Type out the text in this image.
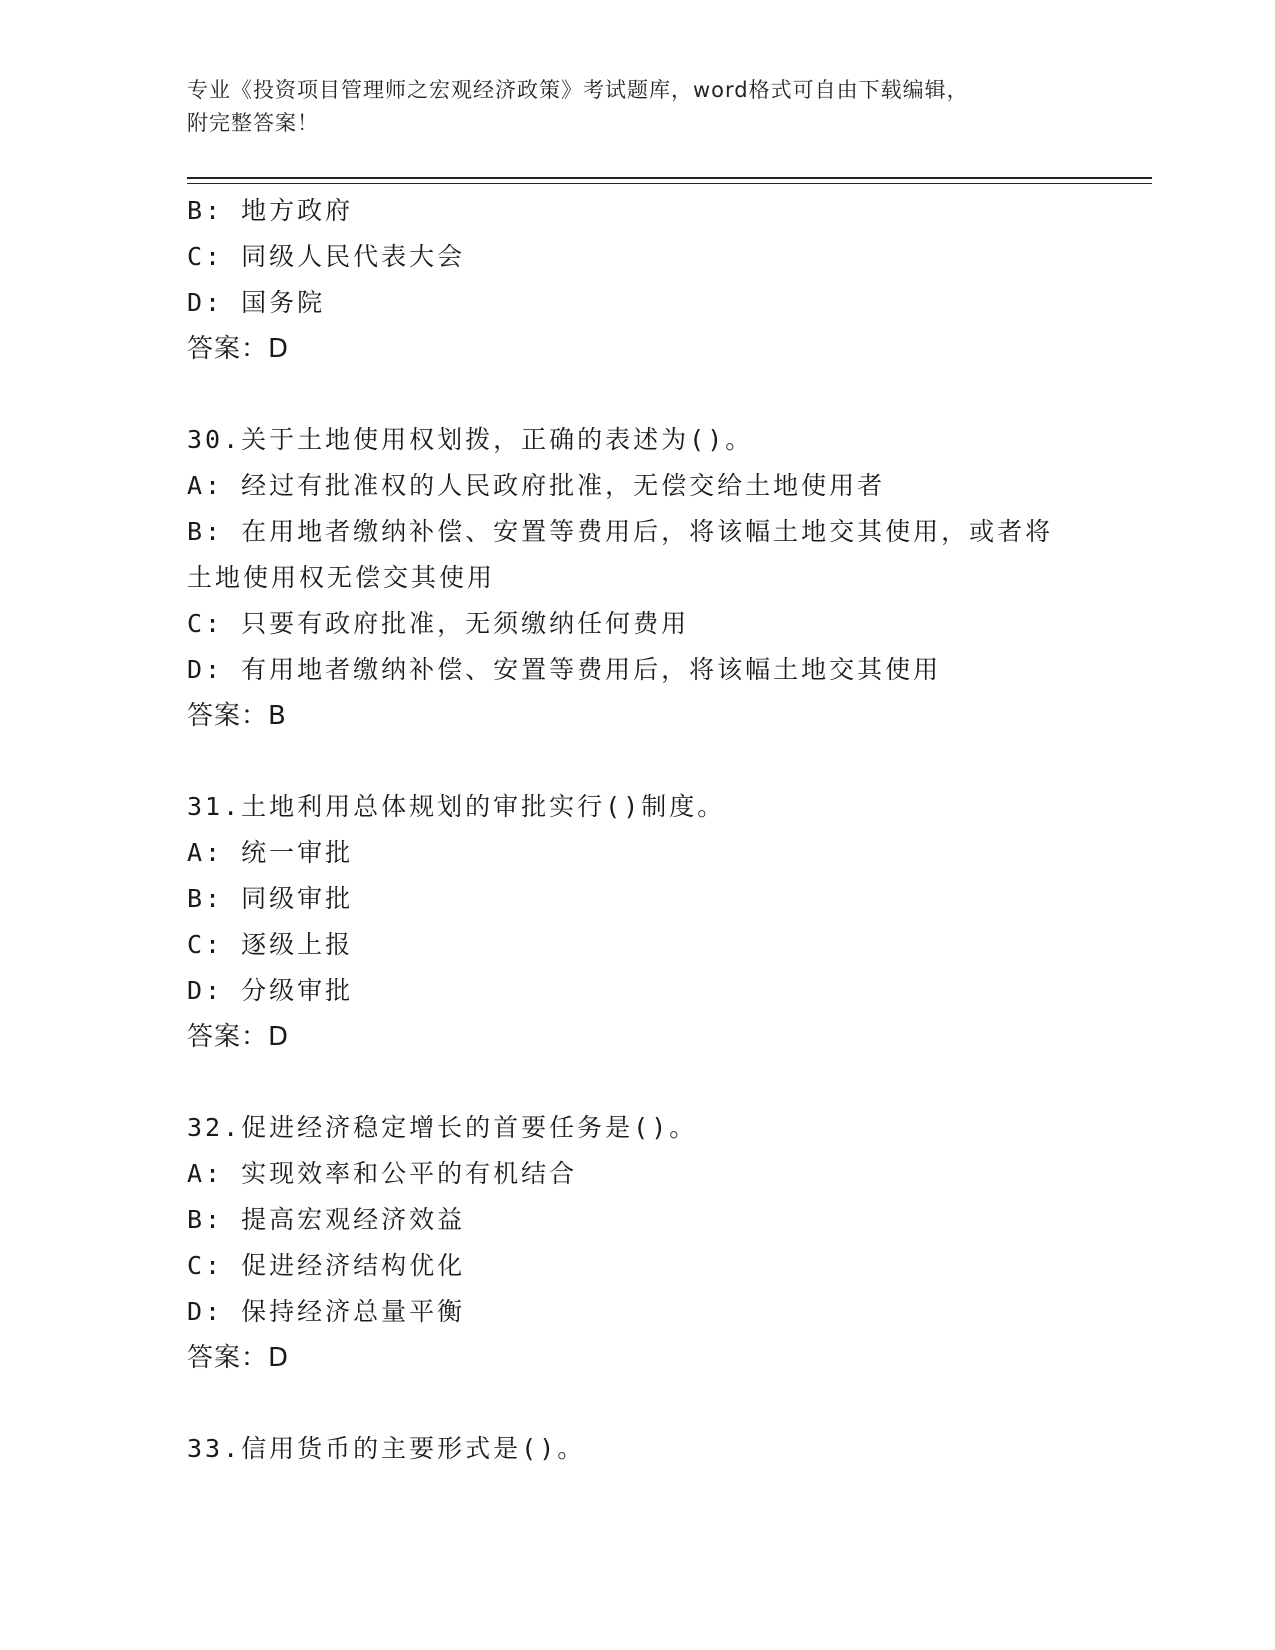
专业《投资项目管理师之宏观经济政策》考试题库，word格式可自由下载编辑，
附完整答案！
B: 地方政府
C: 同级人民代表大会
D: 国务院
答案：D
30.关于土地使用权划拨，正确的表述为()。
A: 经过有批准权的人民政府批准，无偿交给土地使用者
B: 在用地者缴纳补偿、安置等费用后，将该幅土地交其使用，或者将
土地使用权无偿交其使用
C: 只要有政府批准，无须缴纳任何费用
D: 有用地者缴纳补偿、安置等费用后，将该幅土地交其使用
答案：B
31.土地利用总体规划的审批实行()制度。
A: 统一审批
B: 同级审批
C: 逐级上报
D: 分级审批
答案：D
32.促进经济稳定增长的首要任务是()。
A: 实现效率和公平的有机结合
B: 提高宏观经济效益
C: 促进经济结构优化
D: 保持经济总量平衡
答案：D
33.信用货币的主要形式是()。
